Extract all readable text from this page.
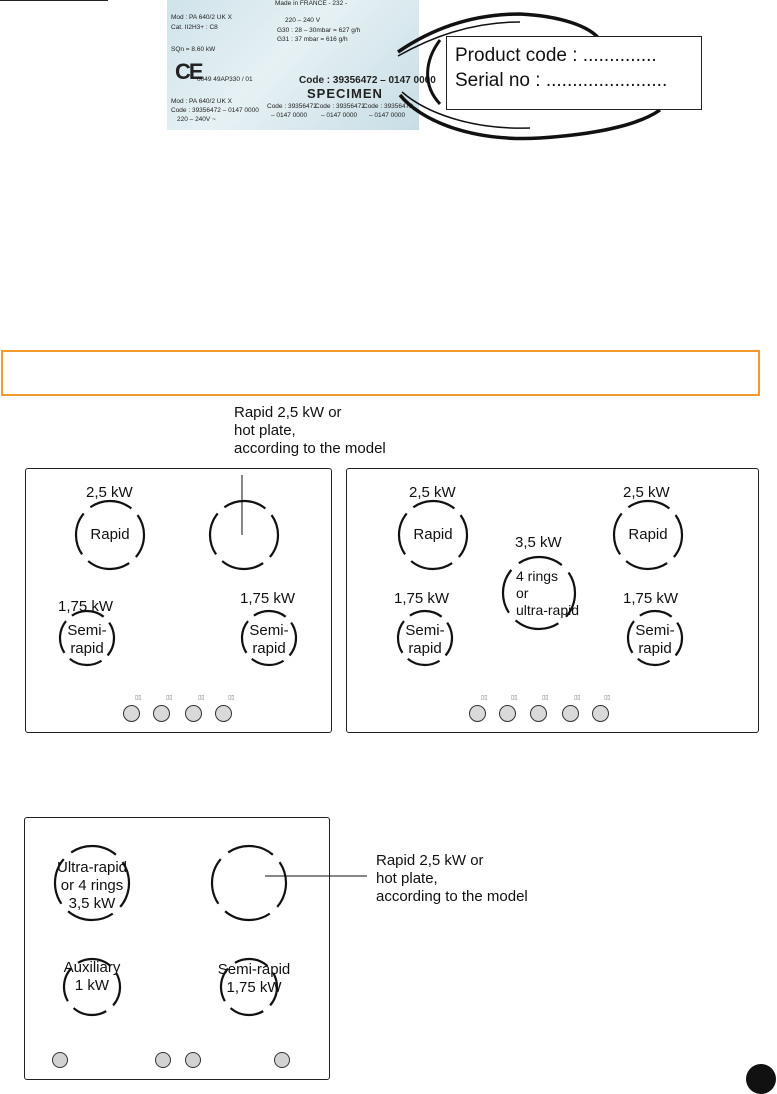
Made in FRANCE - 232 -
Mod : PA 640/2 UK X
Cat. II2H3+ : C8
220 – 240 V
G30 : 28 – 30mbar = 627 g/h
G31 : 37 mbar = 616 g/h
SQn = 8.60 kW
CE
0049 49AP330 / 01	Code : 39356472 – 0147 0000
SPECIMEN
Mod : PA 640/2 UK X
Code : 39356472 – 0147 0000
220 – 240V ~
Code : 39356472
– 0147 0000
Code : 39356472
– 0147 0000
Code : 39356472
– 0147 0000
Product code : ..............
Serial no : .......................
Rapid 2,5 kW or
hot plate,
according to the model
▯▯	▯▯	▯▯	▯▯
2,5 kW
Rapid
1,75 kW	1,75 kW
Semi-
rapid
Semi-
rapid
▯▯	▯▯	▯▯	▯▯	▯▯
2,5 kW	2,5 kW
Rapid	Rapid
3,5 kW
4 rings
or
ultra-rapid
1,75 kW	1,75 kW
Semi-
rapid
Semi-
rapid
Ultra-rapid
or 4 rings
3,5 kW
Auxiliary
1 kW
Semi-rapid
1,75 kW
Rapid 2,5 kW or
hot plate,
according to the model
